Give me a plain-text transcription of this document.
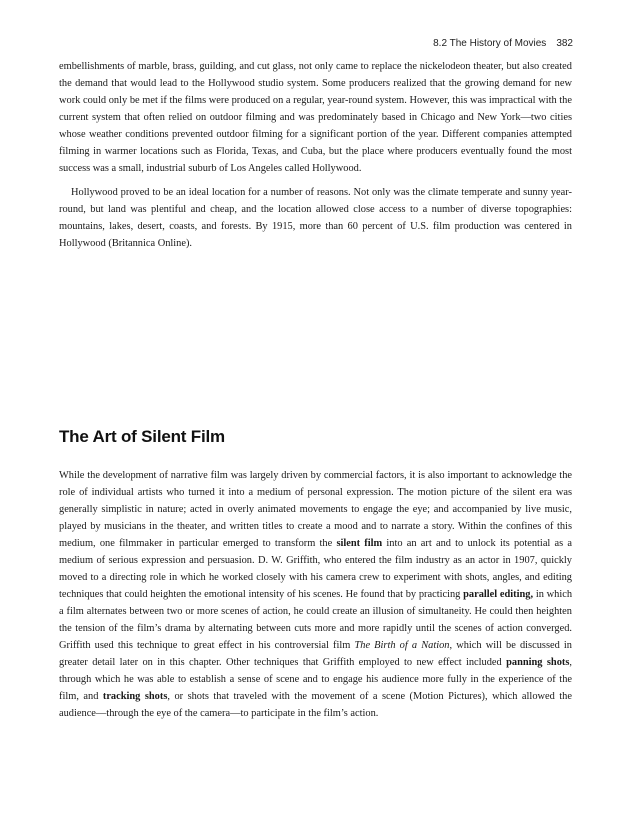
8.2 The History of Movies 382

embellishments of marble, brass, guilding, and cut glass, not only came to replace the nickelodeon theater, but also created the demand that would lead to the Hollywood studio system. Some producers realized that the growing demand for new work could only be met if the films were produced on a regular, year-round system. However, this was impractical with the current system that often relied on outdoor filming and was predominately based in Chicago and New York—two cities whose weather conditions prevented outdoor filming for a significant portion of the year. Different companies attempted filming in warmer locations such as Florida, Texas, and Cuba, but the place where producers eventually found the most success was a small, industrial suburb of Los Angeles called Hollywood.

Hollywood proved to be an ideal location for a number of reasons. Not only was the climate temperate and sunny year-round, but land was plentiful and cheap, and the location allowed close access to a number of diverse topographies: mountains, lakes, desert, coasts, and forests. By 1915, more than 60 percent of U.S. film production was centered in Hollywood (Britannica Online).

The Art of Silent Film

While the development of narrative film was largely driven by commercial factors, it is also important to acknowledge the role of individual artists who turned it into a medium of personal expression. The motion picture of the silent era was generally simplistic in nature; acted in overly animated movements to engage the eye; and accompanied by live music, played by musicians in the theater, and written titles to create a mood and to narrate a story. Within the confines of this medium, one filmmaker in particular emerged to transform the silent film into an art and to unlock its potential as a medium of serious expression and persuasion. D. W. Griffith, who entered the film industry as an actor in 1907, quickly moved to a directing role in which he worked closely with his camera crew to experiment with shots, angles, and editing techniques that could heighten the emotional intensity of his scenes. He found that by practicing parallel editing, in which a film alternates between two or more scenes of action, he could create an illusion of simultaneity. He could then heighten the tension of the film’s drama by alternating between cuts more and more rapidly until the scenes of action converged. Griffith used this technique to great effect in his controversial film The Birth of a Nation, which will be discussed in greater detail later on in this chapter. Other techniques that Griffith employed to new effect included panning shots, through which he was able to establish a sense of scene and to engage his audience more fully in the experience of the film, and tracking shots, or shots that traveled with the movement of a scene (Motion Pictures), which allowed the audience—through the eye of the camera—to participate in the film’s action.
